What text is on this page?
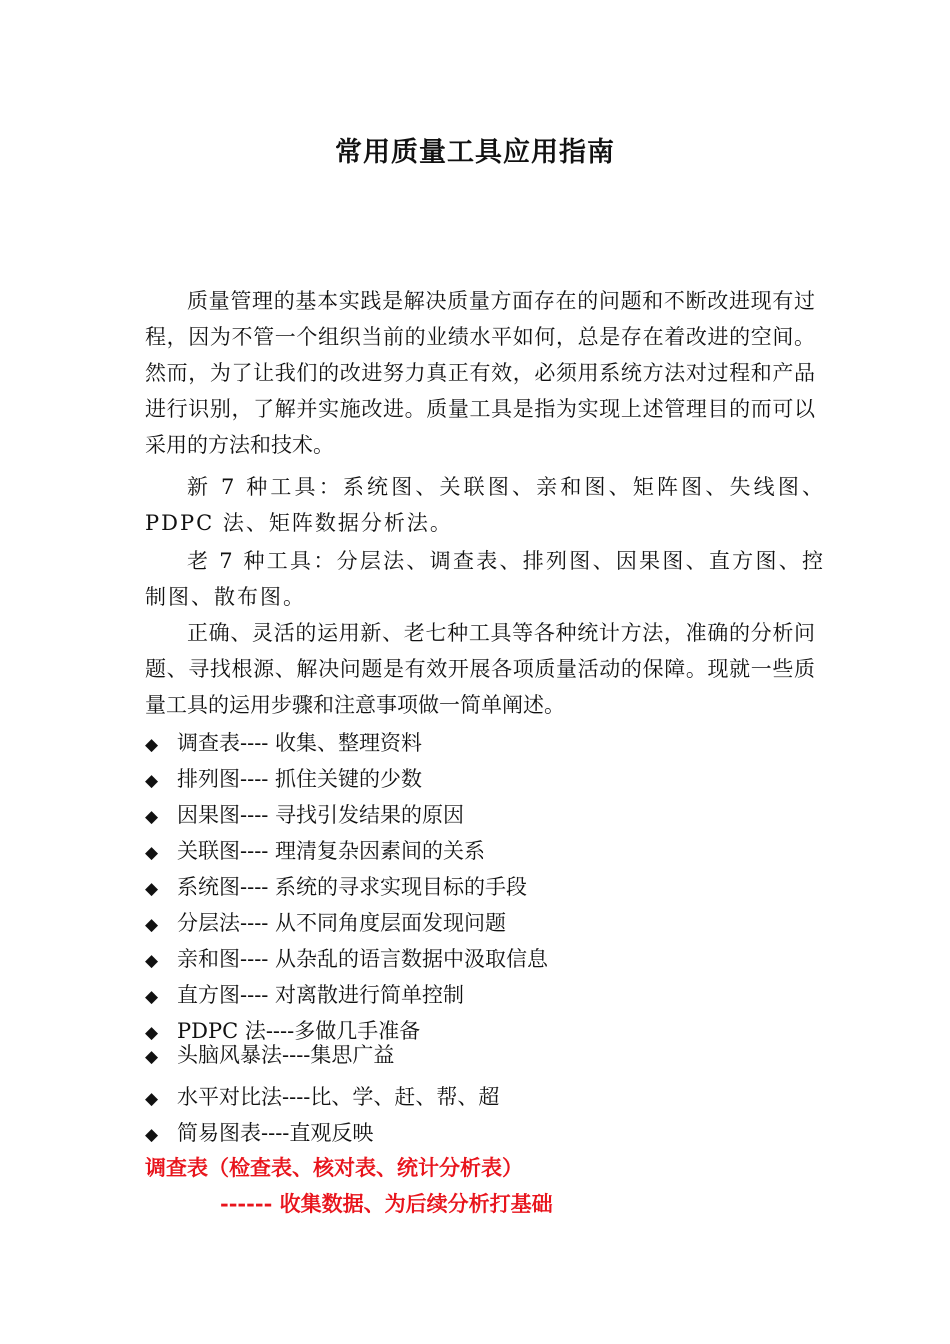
常用质量工具应用指南

质量管理的基本实践是解决质量方面存在的问题和不断改进现有过程，因为不管一个组织当前的业绩水平如何，总是存在着改进的空间。然而，为了让我们的改进努力真正有效，必须用系统方法对过程和产品进行识别，了解并实施改进。质量工具是指为实现上述管理目的而可以采用的方法和技术。

新 7 种工具：系统图、关联图、亲和图、矩阵图、失线图、PDPC 法、矩阵数据分析法。

老 7 种工具：分层法、调查表、排列图、因果图、直方图、控制图、散布图。

正确、灵活的运用新、老七种工具等各种统计方法，准确的分析问题、寻找根源、解决问题是有效开展各项质量活动的保障。现就一些质量工具的运用步骤和注意事项做一简单阐述。

◆ 调查表---- 收集、整理资料
◆ 排列图---- 抓住关键的少数
◆ 因果图---- 寻找引发结果的原因
◆ 关联图---- 理清复杂因素间的关系
◆ 系统图---- 系统的寻求实现目标的手段
◆ 分层法---- 从不同角度层面发现问题
◆ 亲和图---- 从杂乱的语言数据中汲取信息
◆ 直方图---- 对离散进行简单控制
◆ PDPC 法----多做几手准备
◆ 头脑风暴法----集思广益
◆ 水平对比法----比、学、赶、帮、超
◆ 简易图表----直观反映
调查表（检查表、核对表、统计分析表）
------ 收集数据、为后续分析打基础
